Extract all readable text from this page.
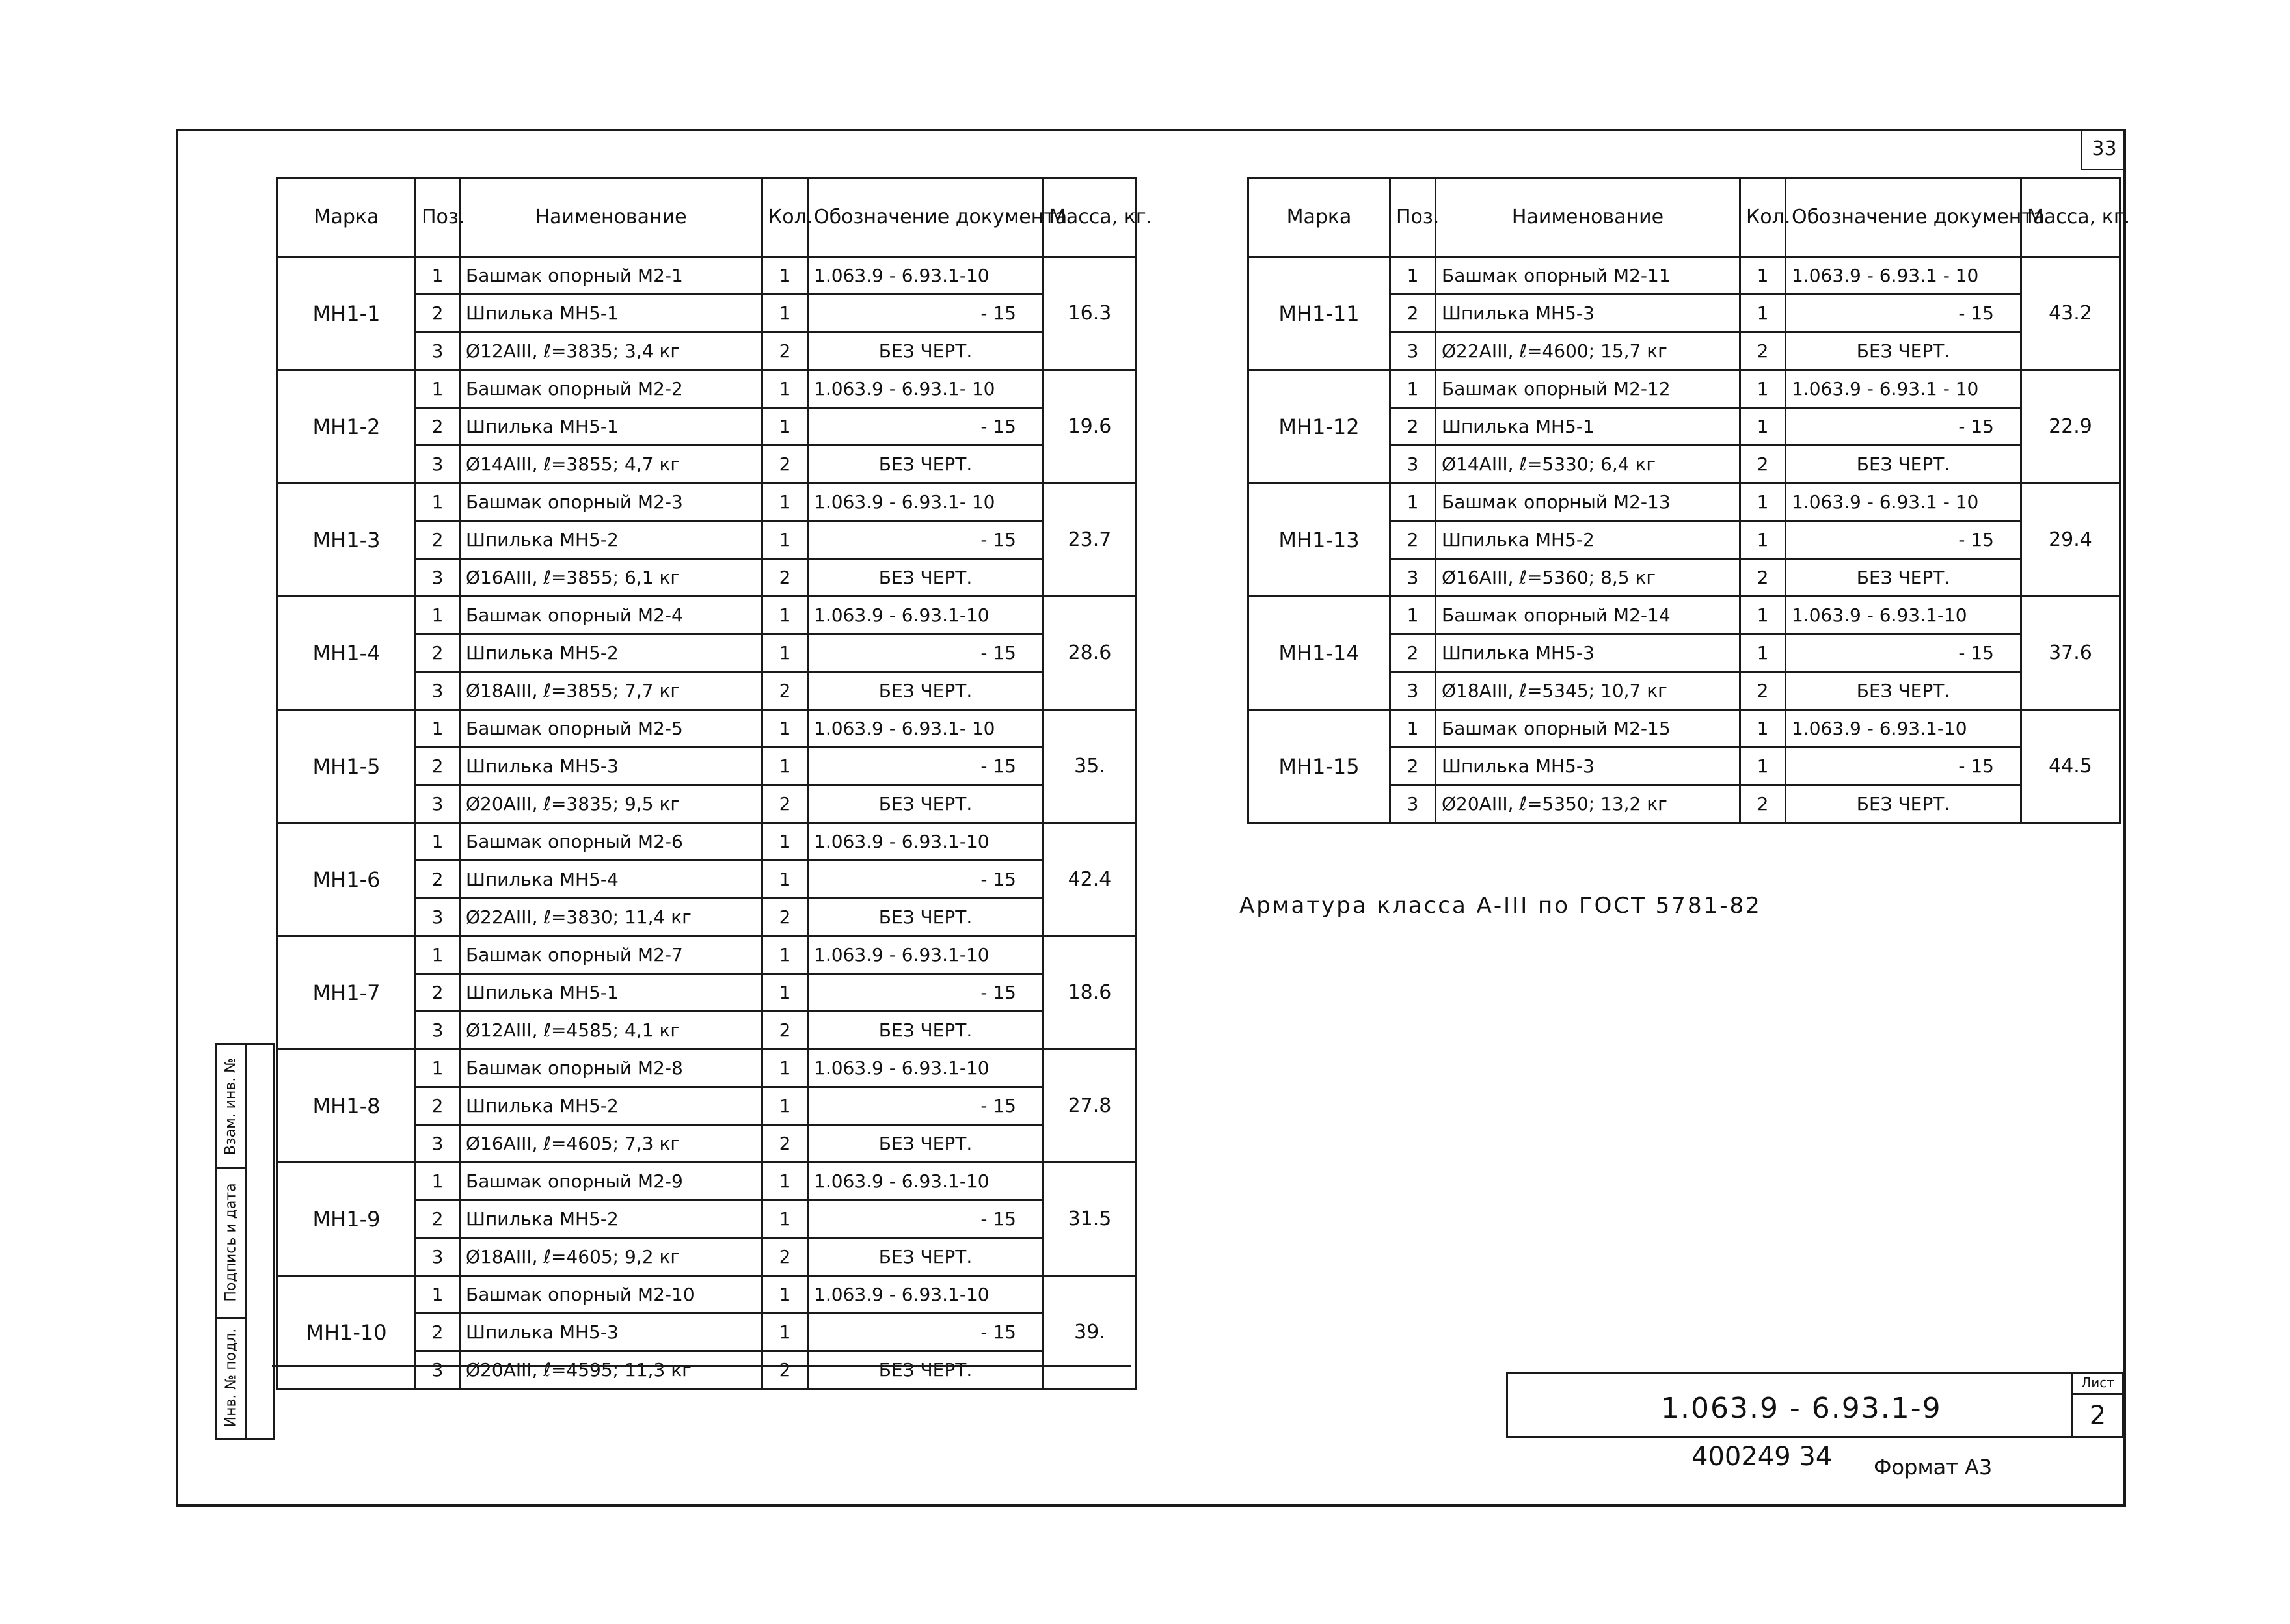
33
Марка	Поз.	Наименование	Кол.	Обозначение документа	Масса, кг.
МН1-1	1	Башмак опорный М2-1	1	1.063.9 - 6.93.1-10	16.3
	2	Шпилька МН5-1	1	- 15	
	3	Ø12АIII, ℓ=3835; 3,4 кг	2	БЕЗ ЧЕРТ.	
МН1-2	1	Башмак опорный М2-2	1	1.063.9 - 6.93.1- 10	19.6
	2	Шпилька МН5-1	1	- 15	
	3	Ø14АIII, ℓ=3855; 4,7 кг	2	БЕЗ ЧЕРТ.	
МН1-3	1	Башмак опорный М2-3	1	1.063.9 - 6.93.1- 10	23.7
	2	Шпилька МН5-2	1	- 15	
	3	Ø16АIII, ℓ=3855; 6,1 кг	2	БЕЗ ЧЕРТ.	
МН1-4	1	Башмак опорный М2-4	1	1.063.9 - 6.93.1-10	28.6
	2	Шпилька МН5-2	1	- 15	
	3	Ø18АIII, ℓ=3855; 7,7 кг	2	БЕЗ ЧЕРТ.	
МН1-5	1	Башмак опорный М2-5	1	1.063.9 - 6.93.1- 10	35.
	2	Шпилька МН5-3	1	- 15	
	3	Ø20АIII, ℓ=3835; 9,5 кг	2	БЕЗ ЧЕРТ.	
МН1-6	1	Башмак опорный М2-6	1	1.063.9 - 6.93.1-10	42.4
	2	Шпилька МН5-4	1	- 15	
	3	Ø22АIII, ℓ=3830; 11,4 кг	2	БЕЗ ЧЕРТ.	
МН1-7	1	Башмак опорный М2-7	1	1.063.9 - 6.93.1-10	18.6
	2	Шпилька МН5-1	1	- 15	
	3	Ø12АIII, ℓ=4585; 4,1 кг	2	БЕЗ ЧЕРТ.	
МН1-8	1	Башмак опорный М2-8	1	1.063.9 - 6.93.1-10	27.8
	2	Шпилька МН5-2	1	- 15	
	3	Ø16АIII, ℓ=4605; 7,3 кг	2	БЕЗ ЧЕРТ.	
МН1-9	1	Башмак опорный М2-9	1	1.063.9 - 6.93.1-10	31.5
	2	Шпилька МН5-2	1	- 15	
	3	Ø18АIII, ℓ=4605; 9,2 кг	2	БЕЗ ЧЕРТ.	
МН1-10	1	Башмак опорный М2-10	1	1.063.9 - 6.93.1-10	39.
	2	Шпилька МН5-3	1	- 15	
	3	Ø20АIII, ℓ=4595; 11,3 кг	2	БЕЗ ЧЕРТ.	
Марка	Поз.	Наименование	Кол.	Обозначение документа	Масса, кг.
МН1-11	1	Башмак опорный М2-11	1	1.063.9 - 6.93.1 - 10	43.2
	2	Шпилька МН5-3	1	- 15	
	3	Ø22АIII, ℓ=4600; 15,7 кг	2	БЕЗ ЧЕРТ.	
МН1-12	1	Башмак опорный М2-12	1	1.063.9 - 6.93.1 - 10	22.9
	2	Шпилька МН5-1	1	- 15	
	3	Ø14АIII, ℓ=5330; 6,4 кг	2	БЕЗ ЧЕРТ.	
МН1-13	1	Башмак опорный М2-13	1	1.063.9 - 6.93.1 - 10	29.4
	2	Шпилька МН5-2	1	- 15	
	3	Ø16АIII, ℓ=5360; 8,5 кг	2	БЕЗ ЧЕРТ.	
МН1-14	1	Башмак опорный М2-14	1	1.063.9 - 6.93.1-10	37.6
	2	Шпилька МН5-3	1	- 15	
	3	Ø18АIII, ℓ=5345; 10,7 кг	2	БЕЗ ЧЕРТ.	
МН1-15	1	Башмак опорный М2-15	1	1.063.9 - 6.93.1-10	44.5
	2	Шпилька МН5-3	1	- 15	
	3	Ø20АIII, ℓ=5350; 13,2 кг	2	БЕЗ ЧЕРТ.	
Арматура класса А-III по ГОСТ 5781-82
Взам. инв. №
Подпись и дата
Инв. № подл.	1.063.9 - 6.93.1-9
Лист
2
400249 34 Формат А3
